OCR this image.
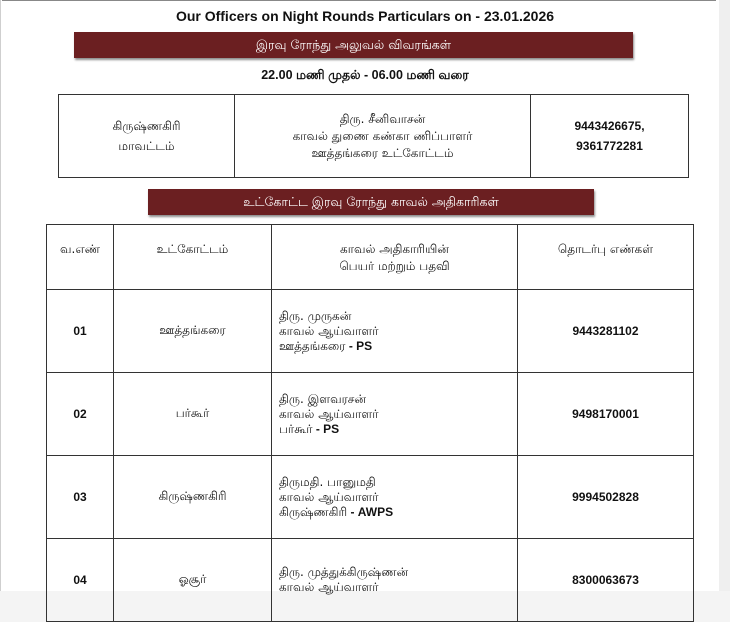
Our Officers on Night Rounds Particulars on - 23.01.2026
இரவு ரோந்து அலுவல் விவரங்கள்
22.00 மணி முதல் - 06.00 மணி வரை
கிருஷ்ணகிரி
மாவட்டம்

திரு. சீனிவாசன்
காவல் துணை கண்கா ணிப்பாளர்
ஊத்தங்கரை உட்கோட்டம்

9443426675,
9361772281
உட்கோட்ட இரவு ரோந்து காவல் அதிகாரிகள்
வ.எண்	உட்கோட்டம்	காவல் அதிகாரியின்
பெயர் மற்றும் பதவி	தொடர்பு எண்கள்
01	ஊத்தங்கரை	திரு. முருகன்
காவல் ஆய்வாளர்
ஊத்தங்கரை - PS	9443281102
02	பர்கூர்	திரு. இளவரசன்
காவல் ஆய்வாளர்
பர்கூர் - PS	9498170001
03	கிருஷ்ணகிரி	திருமதி. பானுமதி
காவல் ஆய்வாளர்
கிருஷ்ணகிரி - AWPS	9994502828
04	ஓசூர்	திரு. முத்துக்கிருஷ்ணன்
காவல் ஆய்வாளர்	8300063673
